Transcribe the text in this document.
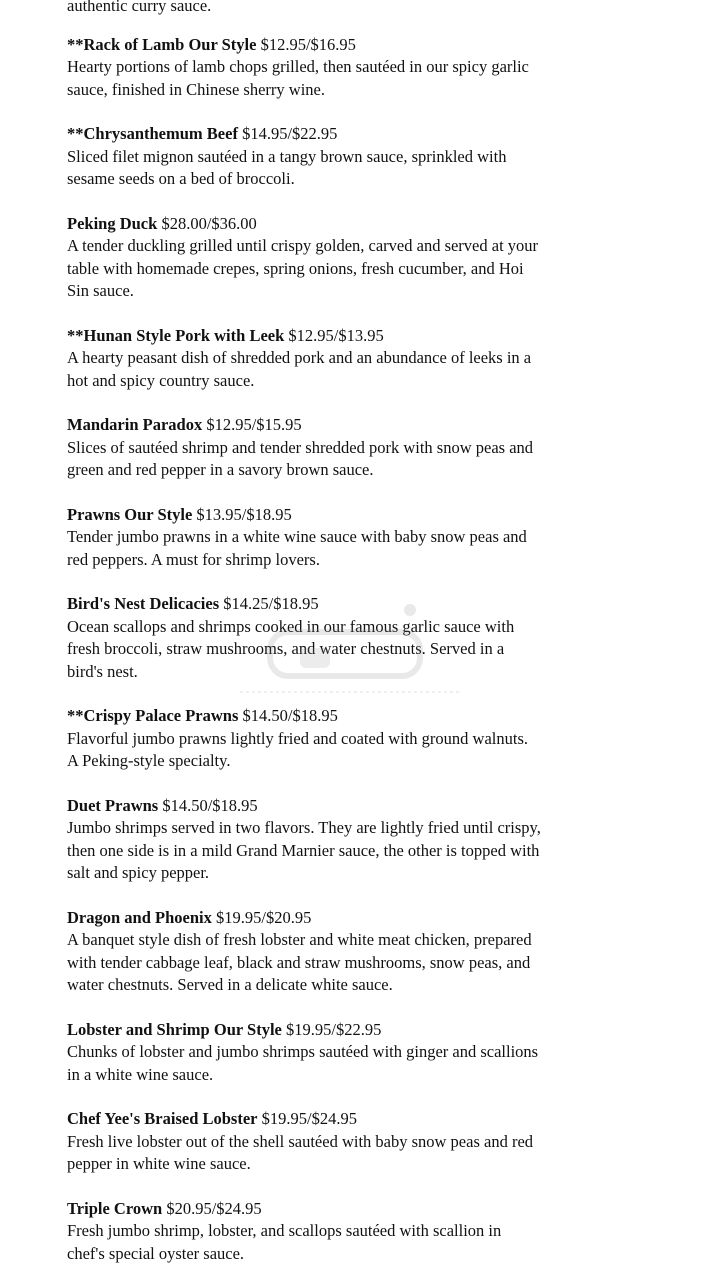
authentic curry sauce.
**Rack of Lamb Our Style $12.95/$16.95
Hearty portions of lamb chops grilled, then sautéed in our spicy garlic
sauce, finished in Chinese sherry wine.
**Chrysanthemum Beef $14.95/$22.95
Sliced filet mignon sautéed in a tangy brown sauce, sprinkled with
sesame seeds on a bed of broccoli.
Peking Duck $28.00/$36.00
A tender duckling grilled until crispy golden, carved and served at your
table with homemade crepes, spring onions, fresh cucumber, and Hoi
Sin sauce.
**Hunan Style Pork with Leek $12.95/$13.95
A hearty peasant dish of shredded pork and an abundance of leeks in a
hot and spicy country sauce.
Mandarin Paradox $12.95/$15.95
Slices of sautéed shrimp and tender shredded pork with snow peas and
green and red pepper in a savory brown sauce.
Prawns Our Style $13.95/$18.95
Tender jumbo prawns in a white wine sauce with baby snow peas and
red peppers. A must for shrimp lovers.
Bird's Nest Delicacies $14.25/$18.95
Ocean scallops and shrimps cooked in our famous garlic sauce with
fresh broccoli, straw mushrooms, and water chestnuts. Served in a
bird's nest.
**Crispy Palace Prawns $14.50/$18.95
Flavorful jumbo prawns lightly fried and coated with ground walnuts.
A Peking-style specialty.
Duet Prawns $14.50/$18.95
Jumbo shrimps served in two flavors. They are lightly fried until crispy,
then one side is in a mild Grand Marnier sauce, the other is topped with
salt and spicy pepper.
Dragon and Phoenix $19.95/$20.95
A banquet style dish of fresh lobster and white meat chicken, prepared
with tender cabbage leaf, black and straw mushrooms, snow peas, and
water chestnuts. Served in a delicate white sauce.
Lobster and Shrimp Our Style $19.95/$22.95
Chunks of lobster and jumbo shrimps sautéed with ginger and scallions
in a white wine sauce.
Chef Yee's Braised Lobster $19.95/$24.95
Fresh live lobster out of the shell sautéed with baby snow peas and red
pepper in white wine sauce.
Triple Crown $20.95/$24.95
Fresh jumbo shrimp, lobster, and scallops sautéed with scallion in
chef's special oyster sauce.
